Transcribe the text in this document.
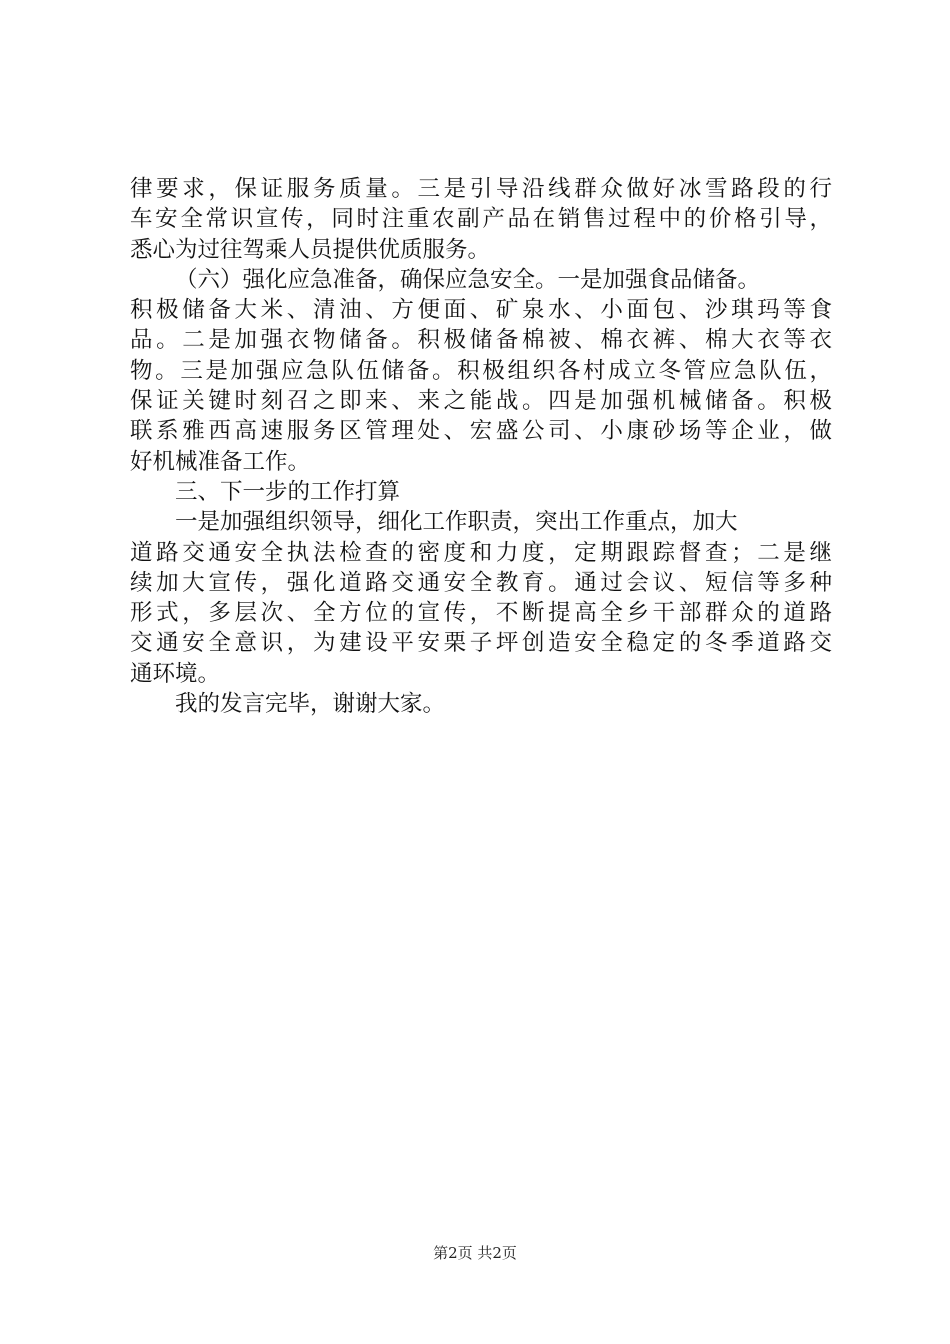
律要求，保证服务质量。三是引导沿线群众做好冰雪路段的行
车安全常识宣传，同时注重农副产品在销售过程中的价格引导，
悉心为过往驾乘人员提供优质服务。
（六）强化应急准备，确保应急安全。一是加强食品储备。
积极储备大米、清油、方便面、矿泉水、小面包、沙琪玛等食
品。二是加强衣物储备。积极储备棉被、棉衣裤、棉大衣等衣
物。三是加强应急队伍储备。积极组织各村成立冬管应急队伍，
保证关键时刻召之即来、来之能战。四是加强机械储备。积极
联系雅西高速服务区管理处、宏盛公司、小康砂场等企业，做
好机械准备工作。
三、下一步的工作打算
一是加强组织领导，细化工作职责，突出工作重点，加大
道路交通安全执法检查的密度和力度，定期跟踪督查；二是继
续加大宣传，强化道路交通安全教育。通过会议、短信等多种
形式，多层次、全方位的宣传，不断提高全乡干部群众的道路
交通安全意识，为建设平安栗子坪创造安全稳定的冬季道路交
通环境。
我的发言完毕，谢谢大家。
第2页 共2页
